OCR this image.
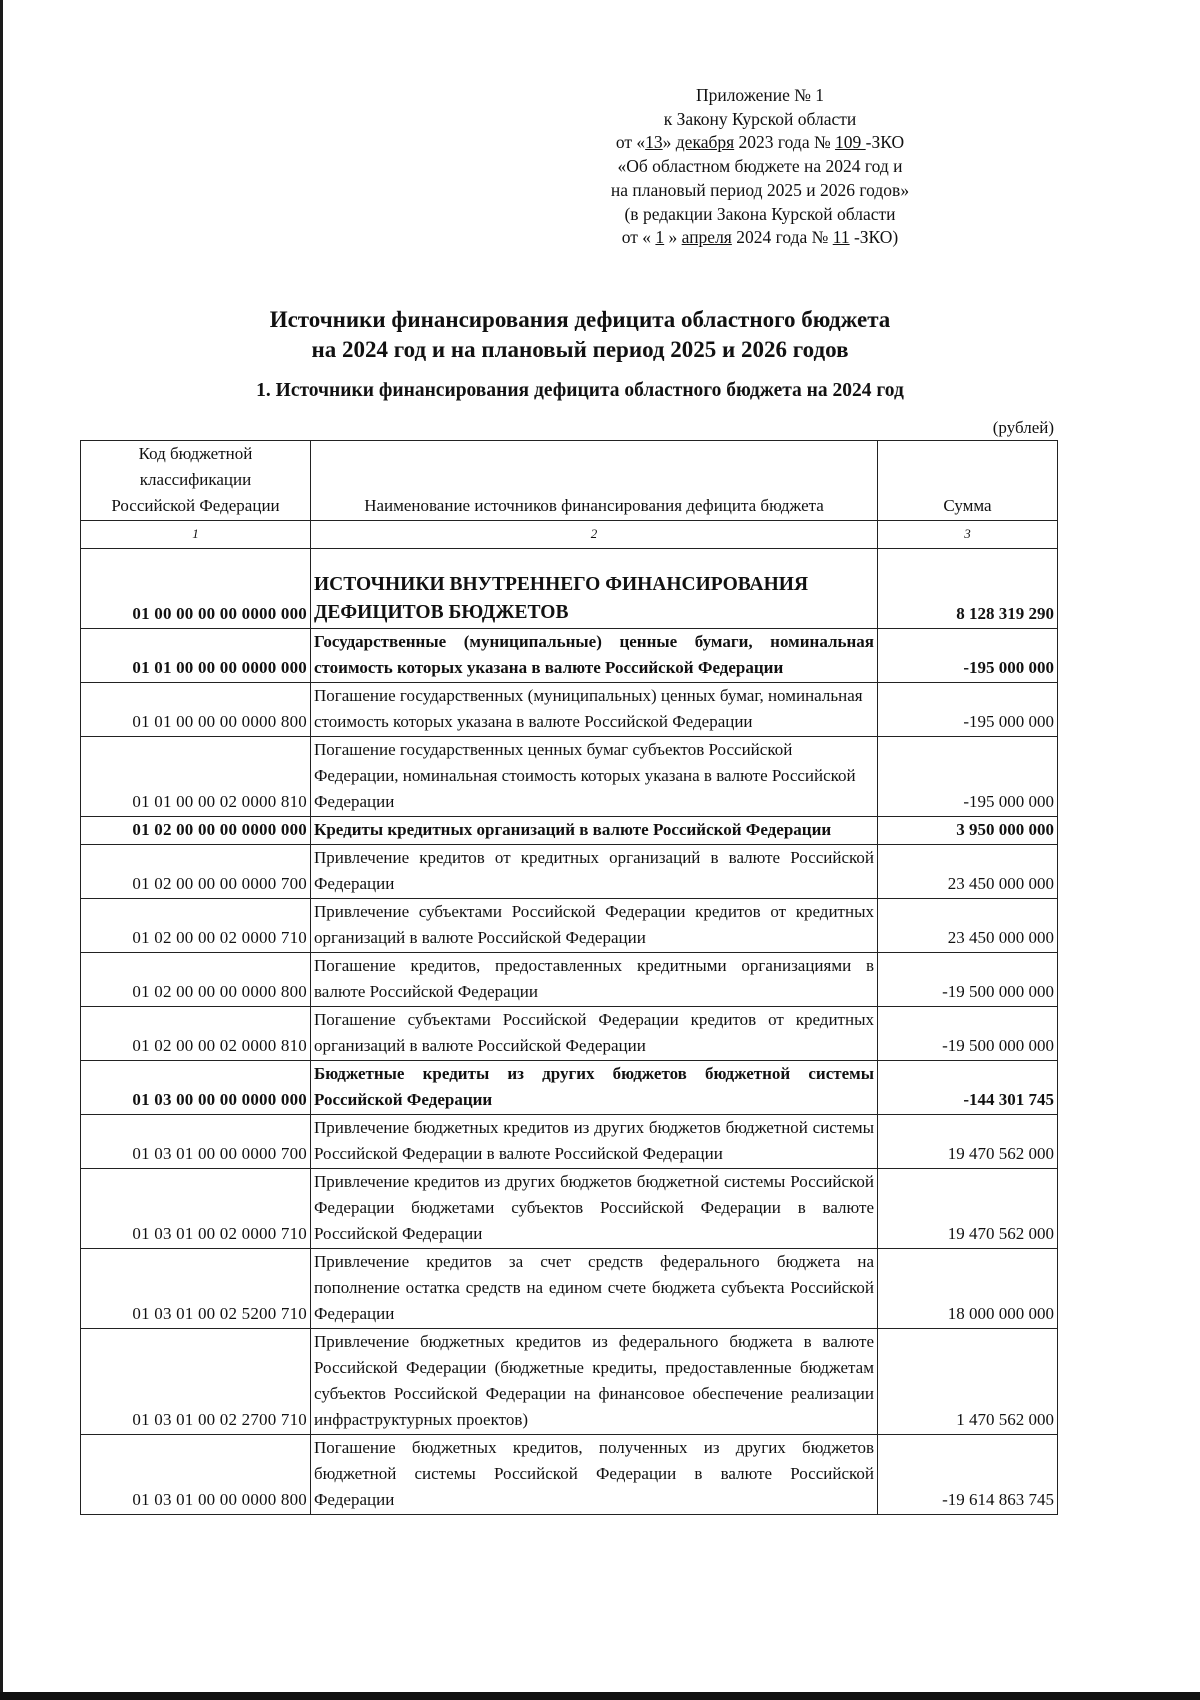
Приложение № 1
к Закону Курской области
от «13» декабря 2023 года № 109 -ЗКО
«Об областном бюджете на 2024 год и
на плановый период 2025 и 2026 годов»
(в редакции Закона Курской области
от « 1 » апреля 2024 года № 11 -ЗКО)
Источники финансирования дефицита областного бюджета
на 2024 год и на плановый период 2025 и 2026 годов
1. Источники финансирования дефицита областного бюджета на 2024 год
(рублей)
Код бюджетной
классификации
Российской Федерации	Наименование источников финансирования дефицита бюджета	Сумма
1	2	3
01 00 00 00 00 0000 000	ИСТОЧНИКИ ВНУТРЕННЕГО ФИНАНСИРОВАНИЯ ДЕФИЦИТОВ БЮДЖЕТОВ	8 128 319 290
01 01 00 00 00 0000 000	Государственные (муниципальные) ценные бумаги, номинальная стоимость которых указана в валюте Российской Федерации	-195 000 000
01 01 00 00 00 0000 800	Погашение государственных (муниципальных) ценных бумаг, номинальная стоимость которых указана в валюте Российской Федерации	-195 000 000
01 01 00 00 02 0000 810	Погашение государственных ценных бумаг субъектов Российской Федерации, номинальная стоимость которых указана в валюте Российской Федерации	-195 000 000
01 02 00 00 00 0000 000	Кредиты кредитных организаций в валюте Российской Федерации	3 950 000 000
01 02 00 00 00 0000 700	Привлечение кредитов от кредитных организаций в валюте Российской Федерации	23 450 000 000
01 02 00 00 02 0000 710	Привлечение субъектами Российской Федерации кредитов от кредитных организаций в валюте Российской Федерации	23 450 000 000
01 02 00 00 00 0000 800	Погашение кредитов, предоставленных кредитными организациями в валюте Российской Федерации	-19 500 000 000
01 02 00 00 02 0000 810	Погашение субъектами Российской Федерации кредитов от кредитных организаций в валюте Российской Федерации	-19 500 000 000
01 03 00 00 00 0000 000	Бюджетные кредиты из других бюджетов бюджетной системы Российской Федерации	-144 301 745
01 03 01 00 00 0000 700	Привлечение бюджетных кредитов из других бюджетов бюджетной системы Российской Федерации в валюте Российской Федерации	19 470 562 000
01 03 01 00 02 0000 710	Привлечение кредитов из других бюджетов бюджетной системы Российской Федерации бюджетами субъектов Российской Федерации в валюте Российской Федерации	19 470 562 000
01 03 01 00 02 5200 710	Привлечение кредитов за счет средств федерального бюджета на пополнение остатка средств на едином счете бюджета субъекта Российской Федерации	18 000 000 000
01 03 01 00 02 2700 710	Привлечение бюджетных кредитов из федерального бюджета в валюте Российской Федерации (бюджетные кредиты, предоставленные бюджетам субъектов Российской Федерации на финансовое обеспечение реализации инфраструктурных проектов)	1 470 562 000
01 03 01 00 00 0000 800	Погашение бюджетных кредитов, полученных из других бюджетов бюджетной системы Российской Федерации в валюте Российской Федерации	-19 614 863 745
